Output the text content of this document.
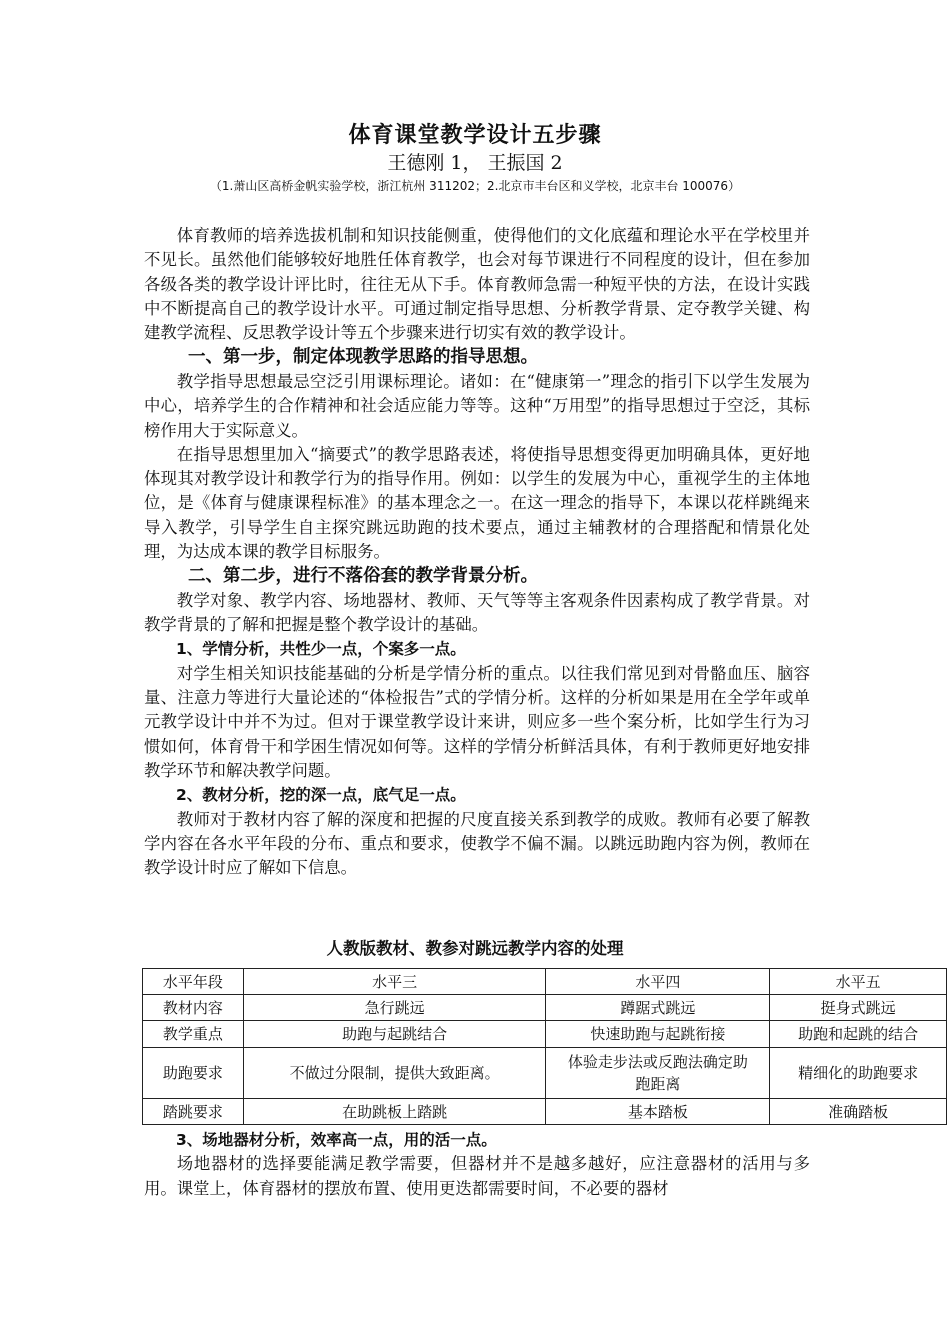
体育课堂教学设计五步骤
王德刚 1， 王振国 2
（1.萧山区高桥金帆实验学校，浙江杭州 311202；2.北京市丰台区和义学校，北京丰台 100076）

体育教师的培养选拔机制和知识技能侧重，使得他们的文化底蕴和理论水平在学校里并不见长。虽然他们能够较好地胜任体育教学，也会对每节课进行不同程度的设计，但在参加各级各类的教学设计评比时，往往无从下手。体育教师急需一种短平快的方法，在设计实践中不断提高自己的教学设计水平。可通过制定指导思想、分析教学背景、定夺教学关键、构建教学流程、反思教学设计等五个步骤来进行切实有效的教学设计。

一、第一步，制定体现教学思路的指导思想。

教学指导思想最忌空泛引用课标理论。诸如：在“健康第一”理念的指引下以学生发展为中心，培养学生的合作精神和社会适应能力等等。这种“万用型”的指导思想过于空泛，其标榜作用大于实际意义。

在指导思想里加入“摘要式”的教学思路表述，将使指导思想变得更加明确具体，更好地体现其对教学设计和教学行为的指导作用。例如：以学生的发展为中心，重视学生的主体地位，是《体育与健康课程标准》的基本理念之一。在这一理念的指导下，本课以花样跳绳来导入教学，引导学生自主探究跳远助跑的技术要点，通过主辅教材的合理搭配和情景化处理，为达成本课的教学目标服务。

二、第二步，进行不落俗套的教学背景分析。

教学对象、教学内容、场地器材、教师、天气等等主客观条件因素构成了教学背景。对教学背景的了解和把握是整个教学设计的基础。

1、学情分析，共性少一点，个案多一点。

对学生相关知识技能基础的分析是学情分析的重点。以往我们常见到对骨骼血压、脑容量、注意力等进行大量论述的“体检报告”式的学情分析。这样的分析如果是用在全学年或单元教学设计中并不为过。但对于课堂教学设计来讲，则应多一些个案分析，比如学生行为习惯如何，体育骨干和学困生情况如何等。这样的学情分析鲜活具体，有利于教师更好地安排教学环节和解决教学问题。

2、教材分析，挖的深一点，底气足一点。

教师对于教材内容了解的深度和把握的尺度直接关系到教学的成败。教师有必要了解教学内容在各水平年段的分布、重点和要求，使教学不偏不漏。以跳远助跑内容为例，教师在教学设计时应了解如下信息。

人教版教材、教参对跳远教学内容的处理
水平年段	水平三	水平四	水平五
教材内容	急行跳远	蹲踞式跳远	挺身式跳远
教学重点	助跑与起跳结合	快速助跑与起跳衔接	助跑和起跳的结合
助跑要求	不做过分限制，提供大致距离。	体验走步法或反跑法确定助跑距离	精细化的助跑要求
踏跳要求	在助跳板上踏跳	基本踏板	准确踏板
3、场地器材分析，效率高一点，用的活一点。

场地器材的选择要能满足教学需要，但器材并不是越多越好，应注意器材的活用与多用。课堂上，体育器材的摆放布置、使用更迭都需要时间，不必要的器材
